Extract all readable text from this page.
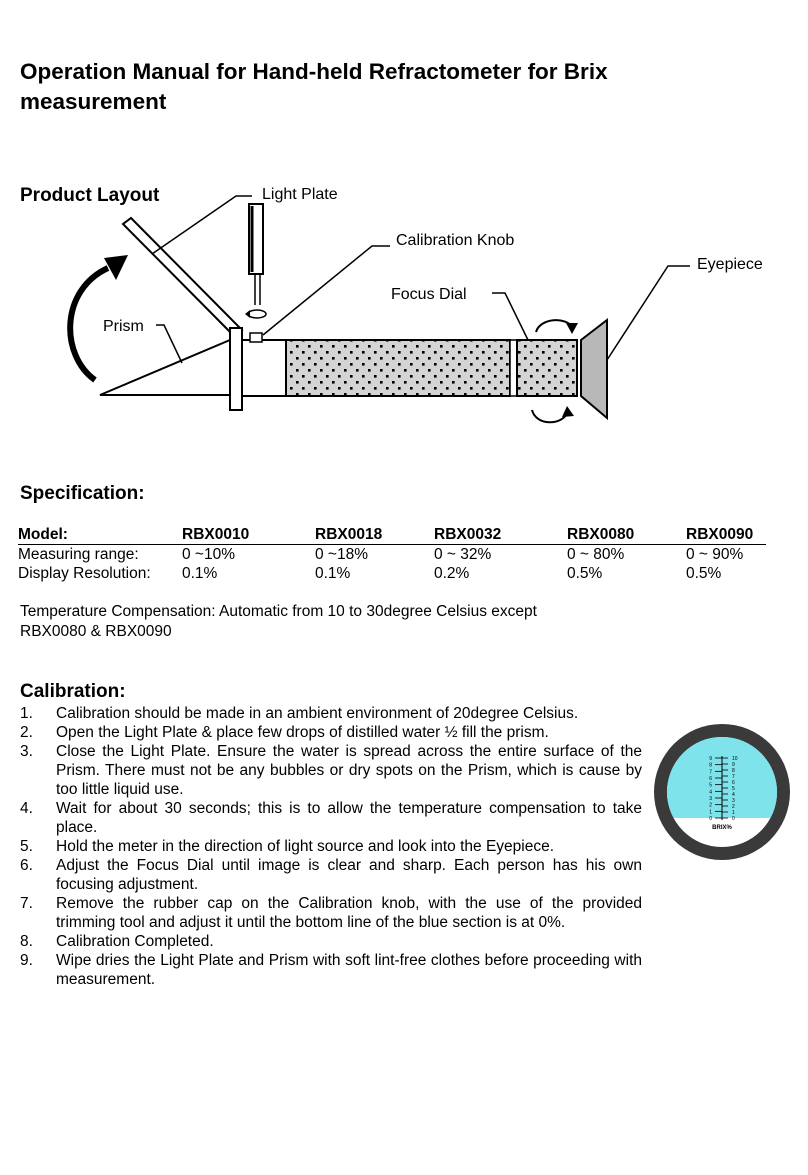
Operation Manual for Hand-held Refractometer for Brix measurement
Product Layout	Light Plate
Calibration Knob
Eyepiece
Focus Dial
Prism
Specification:
Model:	RBX0010	RBX0018	RBX0032	RBX0080	RBX0090
Measuring range:	0 ~10%	0 ~18%	0 ~ 32%	0 ~ 80%	0 ~ 90%
Display Resolution:	0.1%	0.1%	0.2%	0.5%	0.5%
Temperature Compensation: Automatic from 10 to 30degree Celsius except
RBX0080 & RBX0090
Calibration:
1. Calibration should be made in an ambient environment of 20degree Celsius.
2. Open the Light Plate & place few drops of distilled water ½ fill the prism.
3. Close the Light Plate. Ensure the water is spread across the entire surface of the Prism. There must not be any bubbles or dry spots on the Prism, which is cause by too little liquid use.
4. Wait for about 30 seconds; this is to allow the temperature compensation to take place.
5. Hold the meter in the direction of light source and look into the Eyepiece.
6. Adjust the Focus Dial until image is clear and sharp. Each person has his own focusing adjustment.
7. Remove the rubber cap on the Calibration knob, with the use of the provided trimming tool and adjust it until the bottom line of the blue section is at 0%.
8. Calibration Completed.
9. Wipe dries the Light Plate and Prism with soft lint-free clothes before proceeding with measurement.
9
8
7
6
5
4
3
2
1
0
10
9
8
7
6
5
4
3
2
1
0
BRIX%
